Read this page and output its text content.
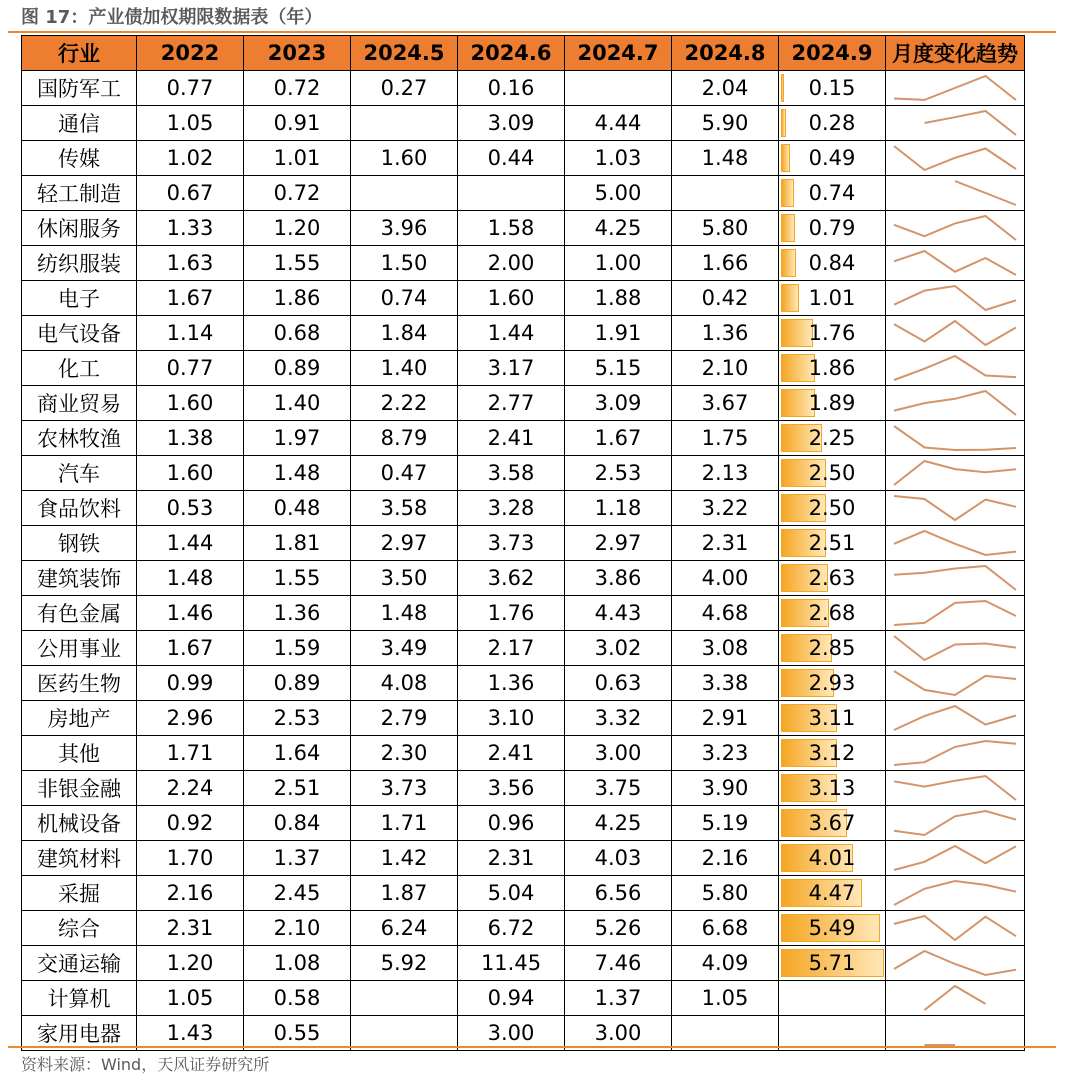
图 17：产业债加权期限数据表（年）
行业	2022	2023	2024.5	2024.6	2024.7	2024.8	2024.9	月度变化趋势
国防军工	0.77	0.72	0.27	0.16		2.04	0.15	

通信	1.05	0.91		3.09	4.44	5.90	0.28	

传媒	1.02	1.01	1.60	0.44	1.03	1.48	0.49	

轻工制造	0.67	0.72			5.00		0.74	

休闲服务	1.33	1.20	3.96	1.58	4.25	5.80	0.79	

纺织服装	1.63	1.55	1.50	2.00	1.00	1.66	0.84	

电子	1.67	1.86	0.74	1.60	1.88	0.42	1.01	

电气设备	1.14	0.68	1.84	1.44	1.91	1.36	1.76	

化工	0.77	0.89	1.40	3.17	5.15	2.10	1.86	

商业贸易	1.60	1.40	2.22	2.77	3.09	3.67	1.89	

农林牧渔	1.38	1.97	8.79	2.41	1.67	1.75	2.25	

汽车	1.60	1.48	0.47	3.58	2.53	2.13	2.50	

食品饮料	0.53	0.48	3.58	3.28	1.18	3.22	2.50	

钢铁	1.44	1.81	2.97	3.73	2.97	2.31	2.51	

建筑装饰	1.48	1.55	3.50	3.62	3.86	4.00	2.63	

有色金属	1.46	1.36	1.48	1.76	4.43	4.68	2.68	

公用事业	1.67	1.59	3.49	2.17	3.02	3.08	2.85	

医药生物	0.99	0.89	4.08	1.36	0.63	3.38	2.93	

房地产	2.96	2.53	2.79	3.10	3.32	2.91	3.11	

其他	1.71	1.64	2.30	2.41	3.00	3.23	3.12	

非银金融	2.24	2.51	3.73	3.56	3.75	3.90	3.13	

机械设备	0.92	0.84	1.71	0.96	4.25	5.19	3.67	

建筑材料	1.70	1.37	1.42	2.31	4.03	2.16	4.01	

采掘	2.16	2.45	1.87	5.04	6.56	5.80	4.47	

综合	2.31	2.10	6.24	6.72	5.26	6.68	5.49	

交通运输	1.20	1.08	5.92	11.45	7.46	4.09	5.71	

计算机	1.05	0.58		0.94	1.37	1.05		

家用电器	1.43	0.55		3.00	3.00			
资料来源：Wind，天风证券研究所
